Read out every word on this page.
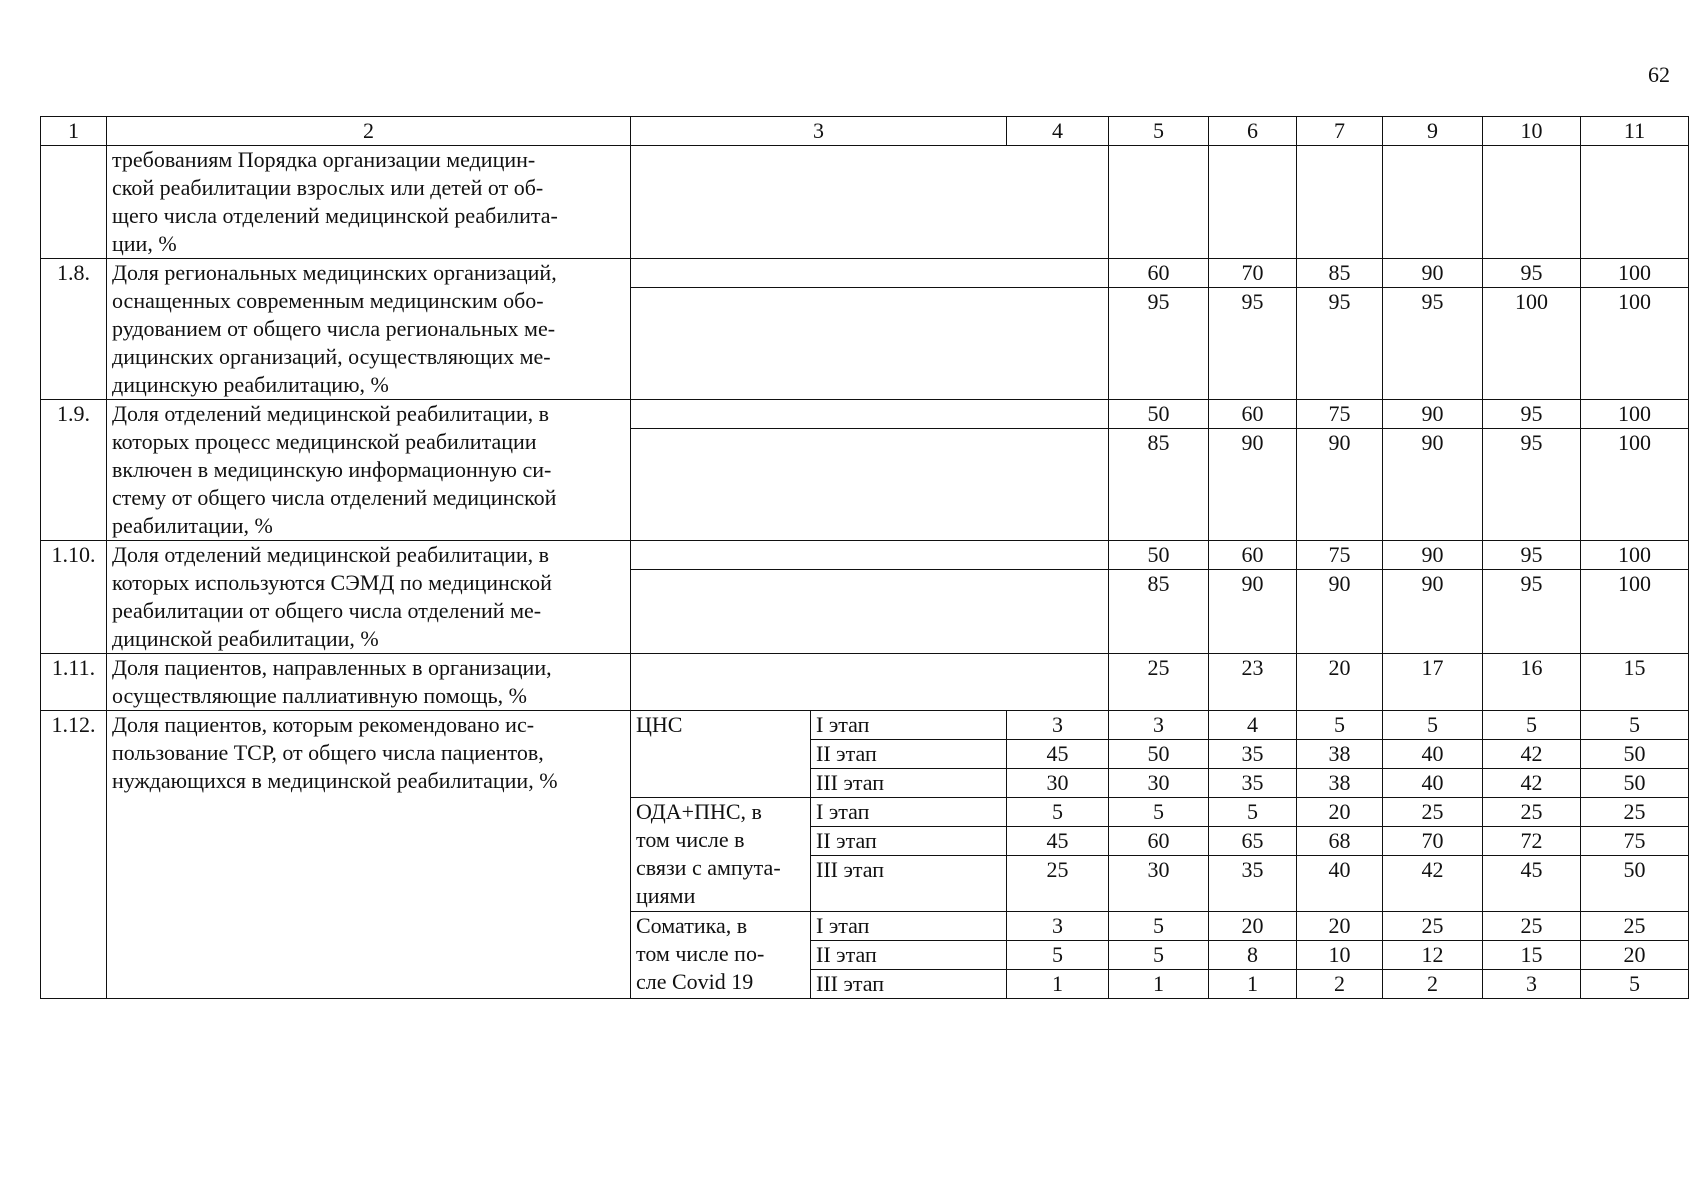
62
1	2	3		4	5	6	7	9	10	11
	требованиям Порядка организации медицин-
ской реабилитации взрослых или детей от об-
щего числа отделений медицинской реабилита-
ции, %									
1.8.	Доля региональных медицинских организаций,
оснащенных современным медицинским обо-
рудованием от общего числа региональных ме-
дицинских организаций, осуществляющих ме-
дицинскую реабилитацию, %				60	70	85	90	95	100
					95	95	95	95	100	100
1.9.	Доля отделений медицинской реабилитации, в
которых процесс медицинской реабилитации
включен в медицинскую информационную си-
стему от общего числа отделений медицинской
реабилитации, %				50	60	75	90	95	100
					85	90	90	90	95	100
1.10.	Доля отделений медицинской реабилитации, в
которых используются СЭМД по медицинской
реабилитации от общего числа отделений ме-
дицинской реабилитации, %				50	60	75	90	95	100
					85	90	90	90	95	100
1.11.	Доля пациентов, направленных в организации,
осуществляющие паллиативную помощь, %				25	23	20	17	16	15
1.12.	Доля пациентов, которым рекомендовано ис-
пользование ТСР, от общего числа пациентов,
нуждающихся в медицинской реабилитации, %	ЦНС	I этап	3	3	4	5	5	5	5
			II этап	45	50	35	38	40	42	50
			III этап	30	30	35	38	40	42	50
		ОДА+ПНС, в
том числе в
связи с ампута-
циями	I этап	5	5	5	20	25	25	25
			II этап	45	60	65	68	70	72	75
			III этап	25	30	35	40	42	45	50
		Соматика, в
том числе по-
сле Covid 19	I этап	3	5	20	20	25	25	25
			II этап	5	5	8	10	12	15	20
			III этап	1	1	1	2	2	3	5
